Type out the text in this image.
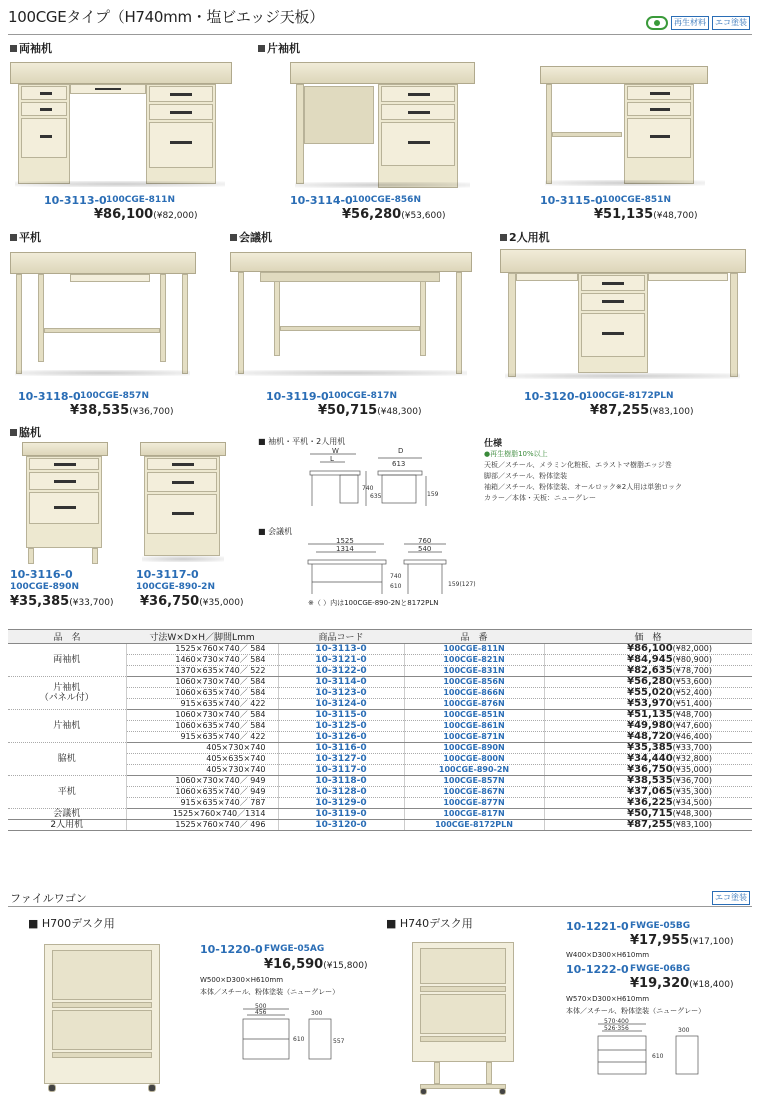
100CGEタイプ（H740mm・塩ビエッジ天板）	再生材料	エコ塗装
両袖机
10-3113-0 100CGE-811N
¥86,100(¥82,000)
片袖机
10-3114-0 100CGE-856N
¥56,280(¥53,600)
10-3115-0 100CGE-851N
¥51,135(¥48,700)
平机
10-3118-0 100CGE-857N
¥38,535(¥36,700)
会議机
10-3119-0 100CGE-817N
¥50,715(¥48,300)
2人用机
10-3120-0 100CGE-8172PLN
¥87,255(¥83,100)
脇机
10-3116-0
100CGE-890N
¥35,385(¥33,700)
10-3117-0
100CGE-890-2N
¥36,750(¥35,000)
■ 袖机・平机・2人用机
W
L
D
613
740
635	159
■ 会議机
1525
1314
760
540
740
610	159(127)
※（ ）内は100CGE-890-2Nと8172PLN
仕様
●再生樹脂10%以上
天板／スチール、メラミン化粧板、エラストマ樹脂エッジ巻
脚部／スチール、粉体塗装
袖箱／スチール、粉体塗装、オールロック※2人用は単独ロック
カラー／本体・天板：ニューグレー
品　名	寸法W×D×H／脚間Lmm	商品コード	品　番	価　格
両袖机	1525×760×740／ 584	10-3113-0	100CGE-811N	¥86,100(¥82,000)
	1460×730×740／ 584	10-3121-0	100CGE-821N	¥84,945(¥80,900)
	1370×635×740／ 522	10-3122-0	100CGE-831N	¥82,635(¥78,700)
片袖机
（パネル付）	1060×730×740／ 584	10-3114-0	100CGE-856N	¥56,280(¥53,600)
	1060×635×740／ 584	10-3123-0	100CGE-866N	¥55,020(¥52,400)
	915×635×740／ 422	10-3124-0	100CGE-876N	¥53,970(¥51,400)
片袖机	1060×730×740／ 584	10-3115-0	100CGE-851N	¥51,135(¥48,700)
	1060×635×740／ 584	10-3125-0	100CGE-861N	¥49,980(¥47,600)
	915×635×740／ 422	10-3126-0	100CGE-871N	¥48,720(¥46,400)
脇机	405×730×740	10-3116-0	100CGE-890N	¥35,385(¥33,700)
	405×635×740	10-3127-0	100CGE-800N	¥34,440(¥32,800)
	405×730×740	10-3117-0	100CGE-890-2N	¥36,750(¥35,000)
平机	1060×730×740／ 949	10-3118-0	100CGE-857N	¥38,535(¥36,700)
	1060×635×740／ 949	10-3128-0	100CGE-867N	¥37,065(¥35,300)
	915×635×740／ 787	10-3129-0	100CGE-877N	¥36,225(¥34,500)
会議机	1525×760×740／1314	10-3119-0	100CGE-817N	¥50,715(¥48,300)
2人用机	1525×760×740／ 496	10-3120-0	100CGE-8172PLN	¥87,255(¥83,100)
ファイルワゴン	エコ塗装
■ H700デスク用
10-1220-0 FWGE-05AG
¥16,590(¥15,800)
W500×D300×H610mm
本体／スチール、粉体塗装（ニューグレー）
500
456	300
610	557
■ H740デスク用	10-1221-0 FWGE-05BG
¥17,955(¥17,100)
W400×D300×H610mm
10-1222-0 FWGE-06BG
¥19,320(¥18,400)
W570×D300×H610mm
本体／スチール、粉体塗装（ニューグレー）
570·400
526·356	300
610
